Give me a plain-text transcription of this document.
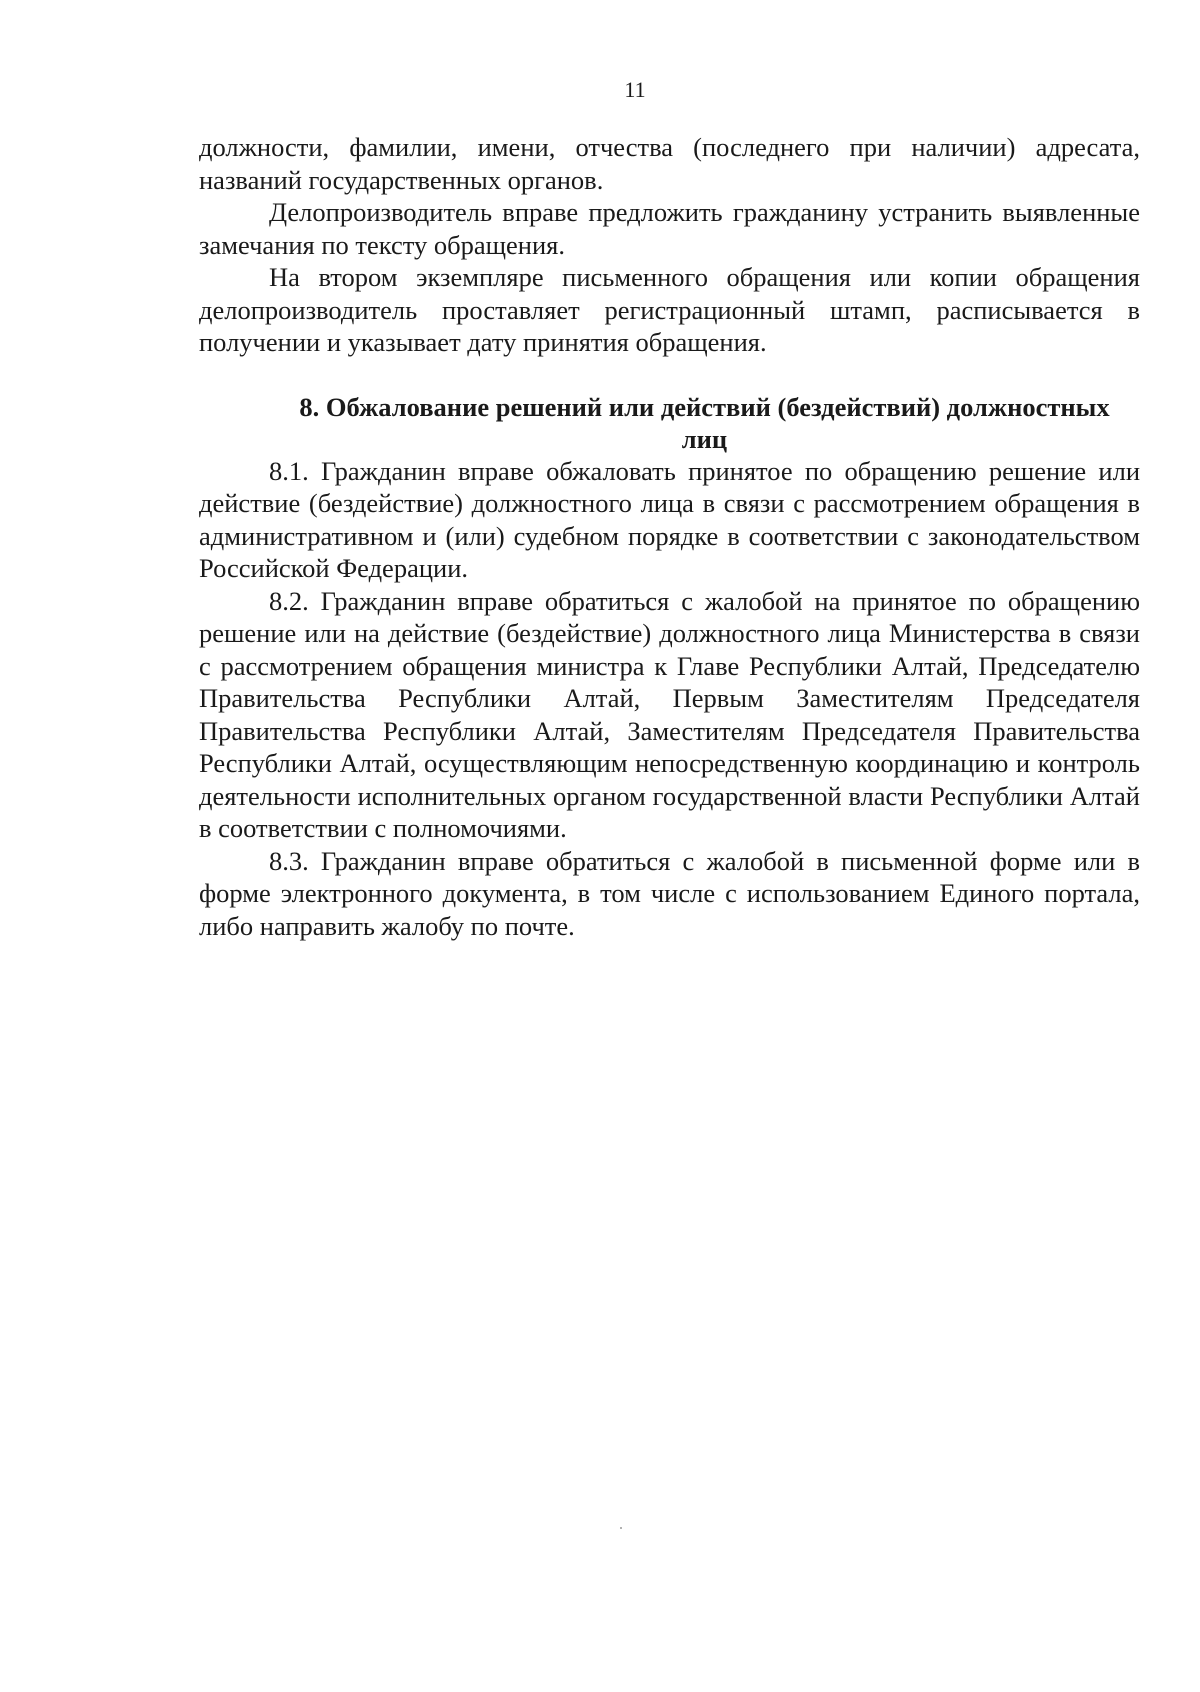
11

должности, фамилии, имени, отчества (последнего при наличии) адресата, названий государственных органов.

Делопроизводитель вправе предложить гражданину устранить выявленные замечания по тексту обращения.

На втором экземпляре письменного обращения или копии обращения делопроизводитель проставляет регистрационный штамп, расписывается в получении и указывает дату принятия обращения.

8. Обжалование решений или действий (бездействий) должностных
лиц

8.1. Гражданин вправе обжаловать принятое по обращению решение или действие (бездействие) должностного лица в связи с рассмотрением обращения в административном и (или) судебном порядке в соответствии с законодательством Российской Федерации.

8.2. Гражданин вправе обратиться с жалобой на принятое по обращению решение или на действие (бездействие) должностного лица Министерства в связи с рассмотрением обращения министра к Главе Республики Алтай, Председателю Правительства Республики Алтай, Первым Заместителям Председателя Правительства Республики Алтай, Заместителям Председателя Правительства Республики Алтай, осуществляющим непосредственную координацию и контроль деятельности исполнительных органом государственной власти Республики Алтай в соответствии с полномочиями.

8.3. Гражданин вправе обратиться с жалобой в письменной форме или в форме электронного документа, в том числе с использованием Единого портала, либо направить жалобу по почте.
